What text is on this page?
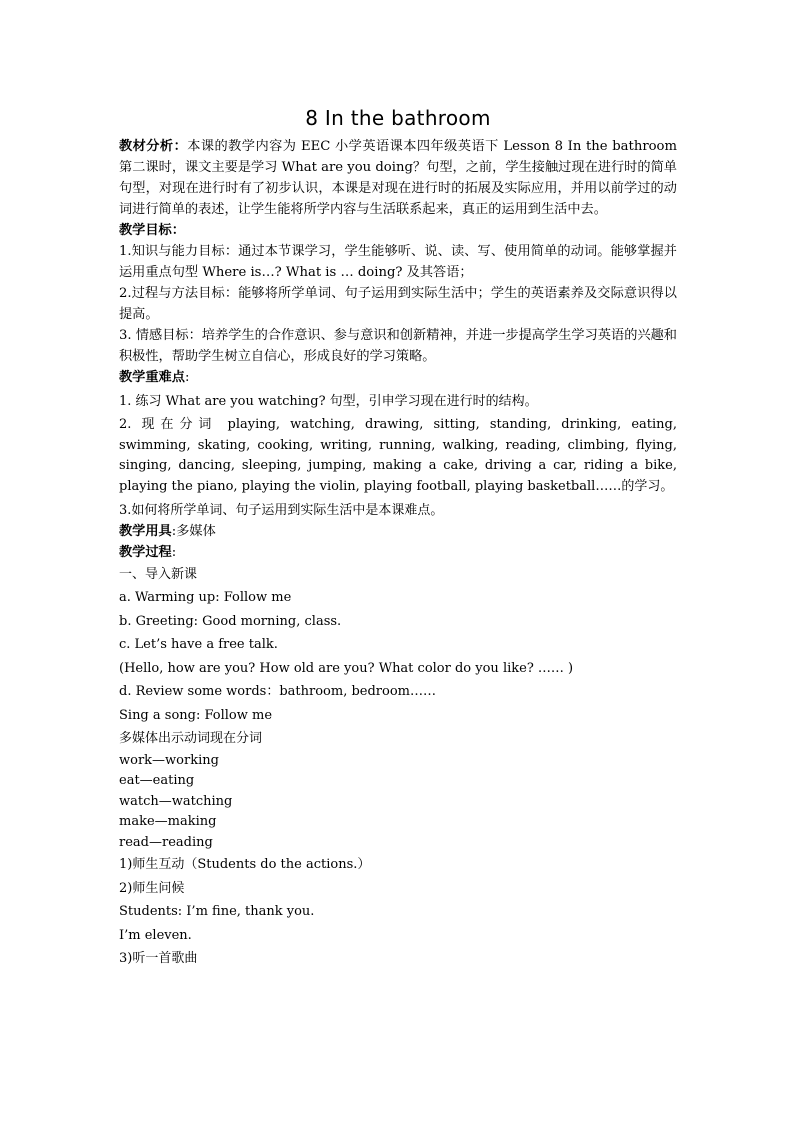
8 In the bathroom

教材分析：本课的教学内容为 EEC 小学英语课本四年级英语下 Lesson 8 In the bathroom 第二课时，课文主要是学习 What are you doing？句型，之前，学生接触过现在进行时的简单句型，对现在进行时有了初步认识，本课是对现在进行时的拓展及实际应用，并用以前学过的动词进行简单的表述，让学生能将所学内容与生活联系起来，真正的运用到生活中去。

教学目标：

1.知识与能力目标：通过本节课学习，学生能够听、说、读、写、使用简单的动词。能够掌握并运用重点句型 Where is…? What is … doing? 及其答语；

2.过程与方法目标：能够将所学单词、句子运用到实际生活中；学生的英语素养及交际意识得以提高。

3. 情感目标：培养学生的合作意识、参与意识和创新精神，并进一步提高学生学习英语的兴趣和积极性，帮助学生树立自信心，形成良好的学习策略。

教学重难点:

1. 练习 What are you watching? 句型，引申学习现在进行时的结构。

2. 现在分词 playing, watching, drawing, sitting, standing, drinking, eating, swimming, skating, cooking, writing, running, walking, reading, climbing, flying, singing, dancing, sleeping, jumping, making a cake, driving a car, riding a bike, playing the piano, playing the violin, playing football, playing basketball……的学习。

3.如何将所学单词、句子运用到实际生活中是本课难点。

教学用具:多媒体

教学过程:

一、导入新课

a. Warming up: Follow me

b. Greeting: Good morning, class.

c. Let’s have a free talk.

(Hello, how are you? How old are you? What color do you like? …… )

d. Review some words：bathroom, bedroom……

Sing a song: Follow me

多媒体出示动词现在分词

work—working

eat—eating

watch—watching

make—making

read—reading

1)师生互动（Students do the actions.）

2)师生问候

Students: I’m fine, thank you.

I’m eleven.

3)听一首歌曲
